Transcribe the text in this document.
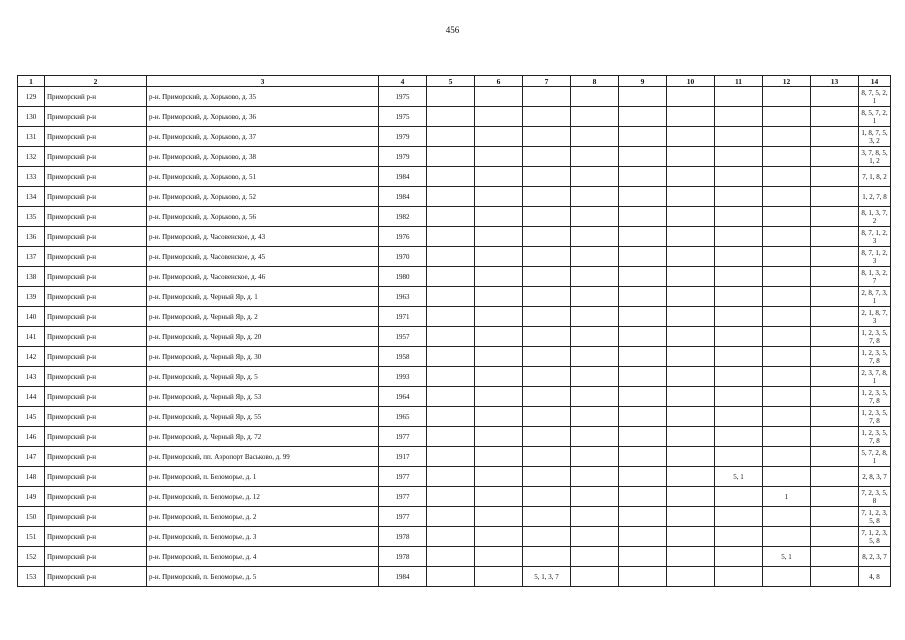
456
1	2	3	4	5	6	7	8	9	10	11	12	13	14
129	Приморский р-н	р-н. Приморский, д. Хорьково, д. 35	1975										8, 7, 5, 2, 1
130	Приморский р-н	р-н. Приморский, д. Хорьково, д. 36	1975										8, 5, 7, 2, 1
131	Приморский р-н	р-н. Приморский, д. Хорьково, д. 37	1979										1, 8, 7, 5, 3, 2
132	Приморский р-н	р-н. Приморский, д. Хорьково, д. 38	1979										3, 7, 8, 5, 1, 2
133	Приморский р-н	р-н. Приморский, д. Хорьково, д. 51	1984										7, 1, 8, 2
134	Приморский р-н	р-н. Приморский, д. Хорьково, д. 52	1984										1, 2, 7, 8
135	Приморский р-н	р-н. Приморский, д. Хорьково, д. 56	1982										8, 1, 3, 7, 2
136	Приморский р-н	р-н. Приморский, д. Часовенское, д. 43	1976										8, 7, 1, 2, 3
137	Приморский р-н	р-н. Приморский, д. Часовенское, д. 45	1970										8, 7, 1, 2, 3
138	Приморский р-н	р-н. Приморский, д. Часовенское, д. 46	1980										8, 1, 3, 2, 7
139	Приморский р-н	р-н. Приморский, д. Черный Яр, д. 1	1963										2, 8, 7, 3, 1
140	Приморский р-н	р-н. Приморский, д. Черный Яр, д. 2	1971										2, 1, 8, 7, 3
141	Приморский р-н	р-н. Приморский, д. Черный Яр, д. 20	1957										1, 2, 3, 5, 7, 8
142	Приморский р-н	р-н. Приморский, д. Черный Яр, д. 30	1958										1, 2, 3, 5, 7, 8
143	Приморский р-н	р-н. Приморский, д. Черный Яр, д. 5	1993										2, 3, 7, 8, 1
144	Приморский р-н	р-н. Приморский, д. Черный Яр, д. 53	1964										1, 2, 3, 5, 7, 8
145	Приморский р-н	р-н. Приморский, д. Черный Яр, д. 55	1965										1, 2, 3, 5, 7, 8
146	Приморский р-н	р-н. Приморский, д. Черный Яр, д. 72	1977										1, 2, 3, 5, 7, 8
147	Приморский р-н	р-н. Приморский, пп. Аэропорт Васьково, д. 99	1917										5, 7, 2, 8, 1
148	Приморский р-н	р-н. Приморский, п. Беломорье, д. 1	1977							5, 1			2, 8, 3, 7
149	Приморский р-н	р-н. Приморский, п. Беломорье, д. 12	1977								1		7, 2, 3, 5, 8
150	Приморский р-н	р-н. Приморский, п. Беломорье, д. 2	1977										7, 1, 2, 3, 5, 8
151	Приморский р-н	р-н. Приморский, п. Беломорье, д. 3	1978										7, 1, 2, 3, 5, 8
152	Приморский р-н	р-н. Приморский, п. Беломорье, д. 4	1978								5, 1		8, 2, 3, 7
153	Приморский р-н	р-н. Приморский, п. Беломорье, д. 5	1984			5, 1, 3, 7							4, 8
